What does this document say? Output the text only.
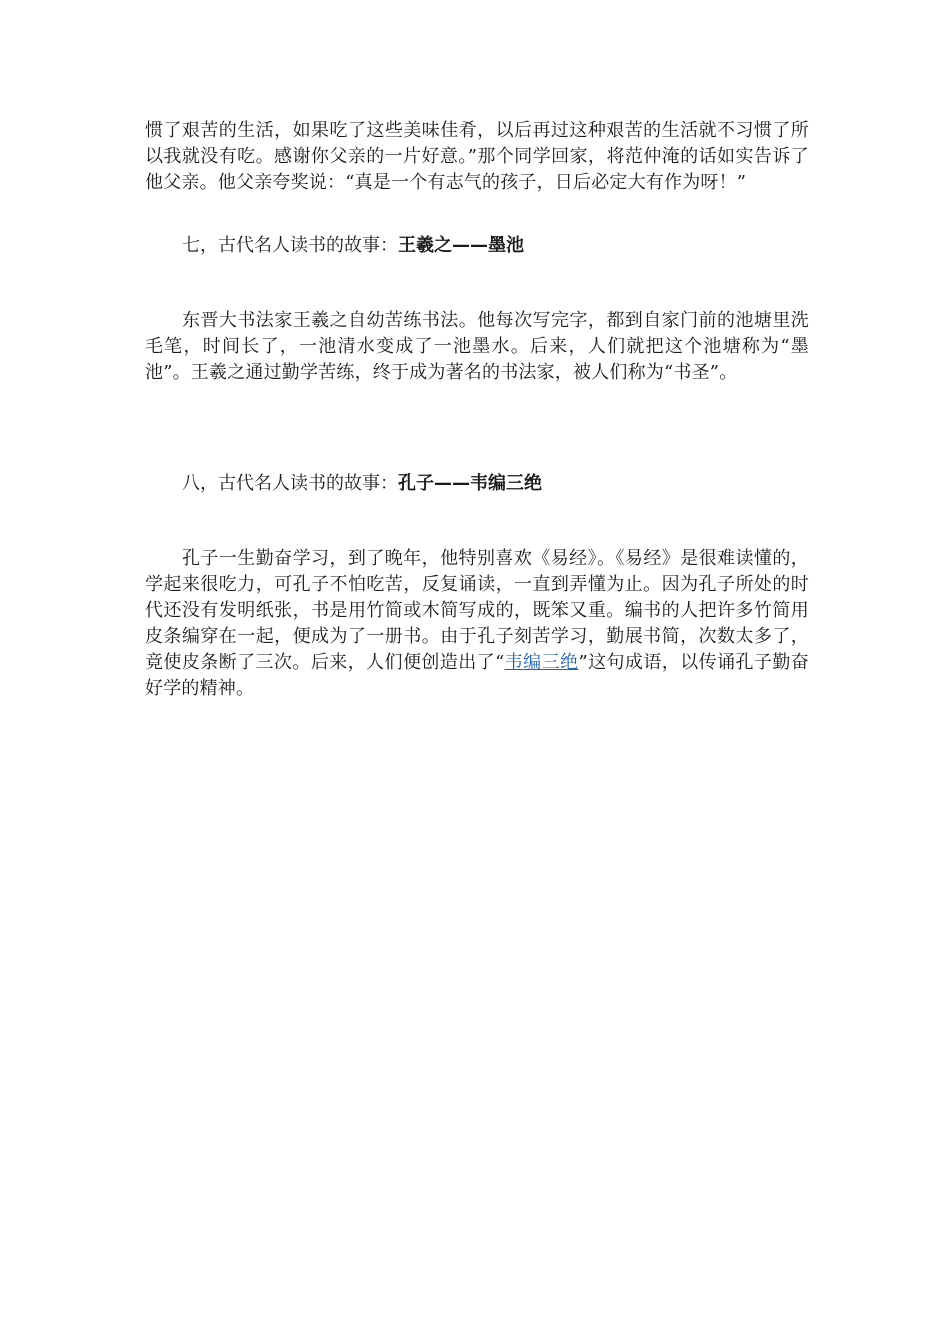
惯了艰苦的生活，如果吃了这些美味佳肴，以后再过这种艰苦的生活就不习惯了所以我就没有吃。感谢你父亲的一片好意。”那个同学回家，将范仲淹的话如实告诉了他父亲。他父亲夸奖说：“真是一个有志气的孩子，日后必定大有作为呀！”

七，古代名人读书的故事：王羲之——墨池

东晋大书法家王羲之自幼苦练书法。他每次写完字，都到自家门前的池塘里洗毛笔，时间长了，一池清水变成了一池墨水。后来，人们就把这个池塘称为“墨池”。王羲之通过勤学苦练，终于成为著名的书法家，被人们称为“书圣”。

八，古代名人读书的故事：孔子——韦编三绝

孔子一生勤奋学习，到了晚年，他特别喜欢《易经》。《易经》是很难读懂的，学起来很吃力，可孔子不怕吃苦，反复诵读，一直到弄懂为止。因为孔子所处的时代还没有发明纸张，书是用竹简或木简写成的，既笨又重。编书的人把许多竹简用皮条编穿在一起，便成为了一册书。由于孔子刻苦学习，勤展书简，次数太多了，竟使皮条断了三次。后来，人们便创造出了“韦编三绝”这句成语，以传诵孔子勤奋好学的精神。
